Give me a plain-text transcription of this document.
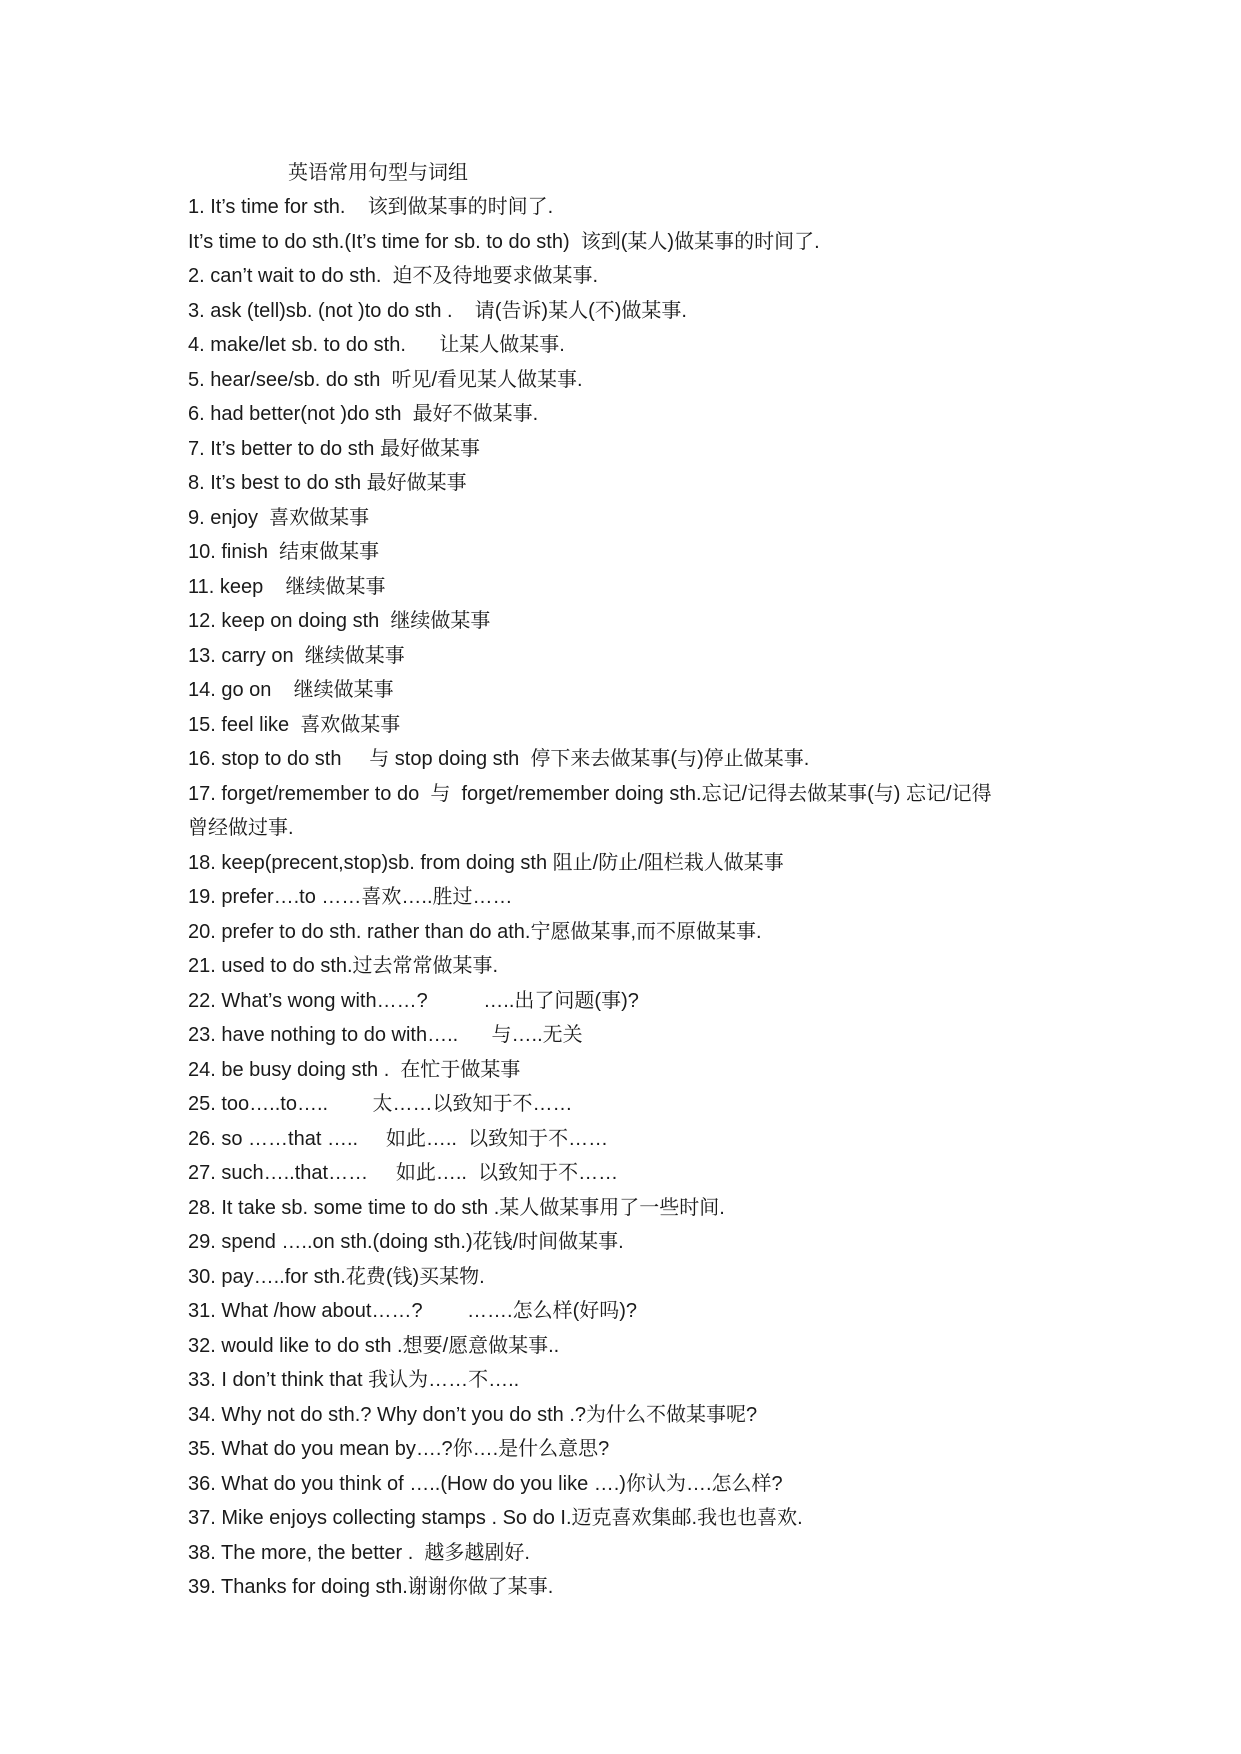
英语常用句型与词组
1. It’s time for sth.    该到做某事的时间了.
It’s time to do sth.(It’s time for sb. to do sth)  该到(某人)做某事的时间了.
2. can’t wait to do sth.  迫不及待地要求做某事.
3. ask (tell)sb. (not )to do sth .    请(告诉)某人(不)做某事.
4. make/let sb. to do sth.      让某人做某事.
5. hear/see/sb. do sth  听见/看见某人做某事.
6. had better(not )do sth  最好不做某事.
7. It’s better to do sth 最好做某事
8. It’s best to do sth 最好做某事
9. enjoy  喜欢做某事
10. finish  结束做某事
11. keep    继续做某事
12. keep on doing sth  继续做某事
13. carry on  继续做某事
14. go on    继续做某事
15. feel like  喜欢做某事
16. stop to do sth     与 stop doing sth  停下来去做某事(与)停止做某事.
17. forget/remember to do  与  forget/remember doing sth.忘记/记得去做某事(与) 忘记/记得
曾经做过事.
18. keep(precent,stop)sb. from doing sth 阻止/防止/阻栏栽人做某事
19. prefer….to ……喜欢…..胜过……
20. prefer to do sth. rather than do ath.宁愿做某事,而不原做某事.
21. used to do sth.过去常常做某事.
22. What’s wong with……?          …..出了问题(事)?
23. have nothing to do with…..      与…..无关
24. be busy doing sth .  在忙于做某事
25. too…..to…..        太……以致知于不……
26. so ……that …..     如此…..  以致知于不……
27. such…..that……     如此…..  以致知于不……
28. It take sb. some time to do sth .某人做某事用了一些时间.
29. spend …..on sth.(doing sth.)花钱/时间做某事.
30. pay…..for sth.花费(钱)买某物.
31. What /how about……?        …….怎么样(好吗)?
32. would like to do sth .想要/愿意做某事..
33. I don’t think that 我认为……不…..
34. Why not do sth.? Why don’t you do sth .?为什么不做某事呢?
35. What do you mean by….?你….是什么意思?
36. What do you think of …..(How do you like ….)你认为….怎么样?
37. Mike enjoys collecting stamps . So do I.迈克喜欢集邮.我也也喜欢.
38. The more, the better .  越多越剧好.
39. Thanks for doing sth.谢谢你做了某事.
